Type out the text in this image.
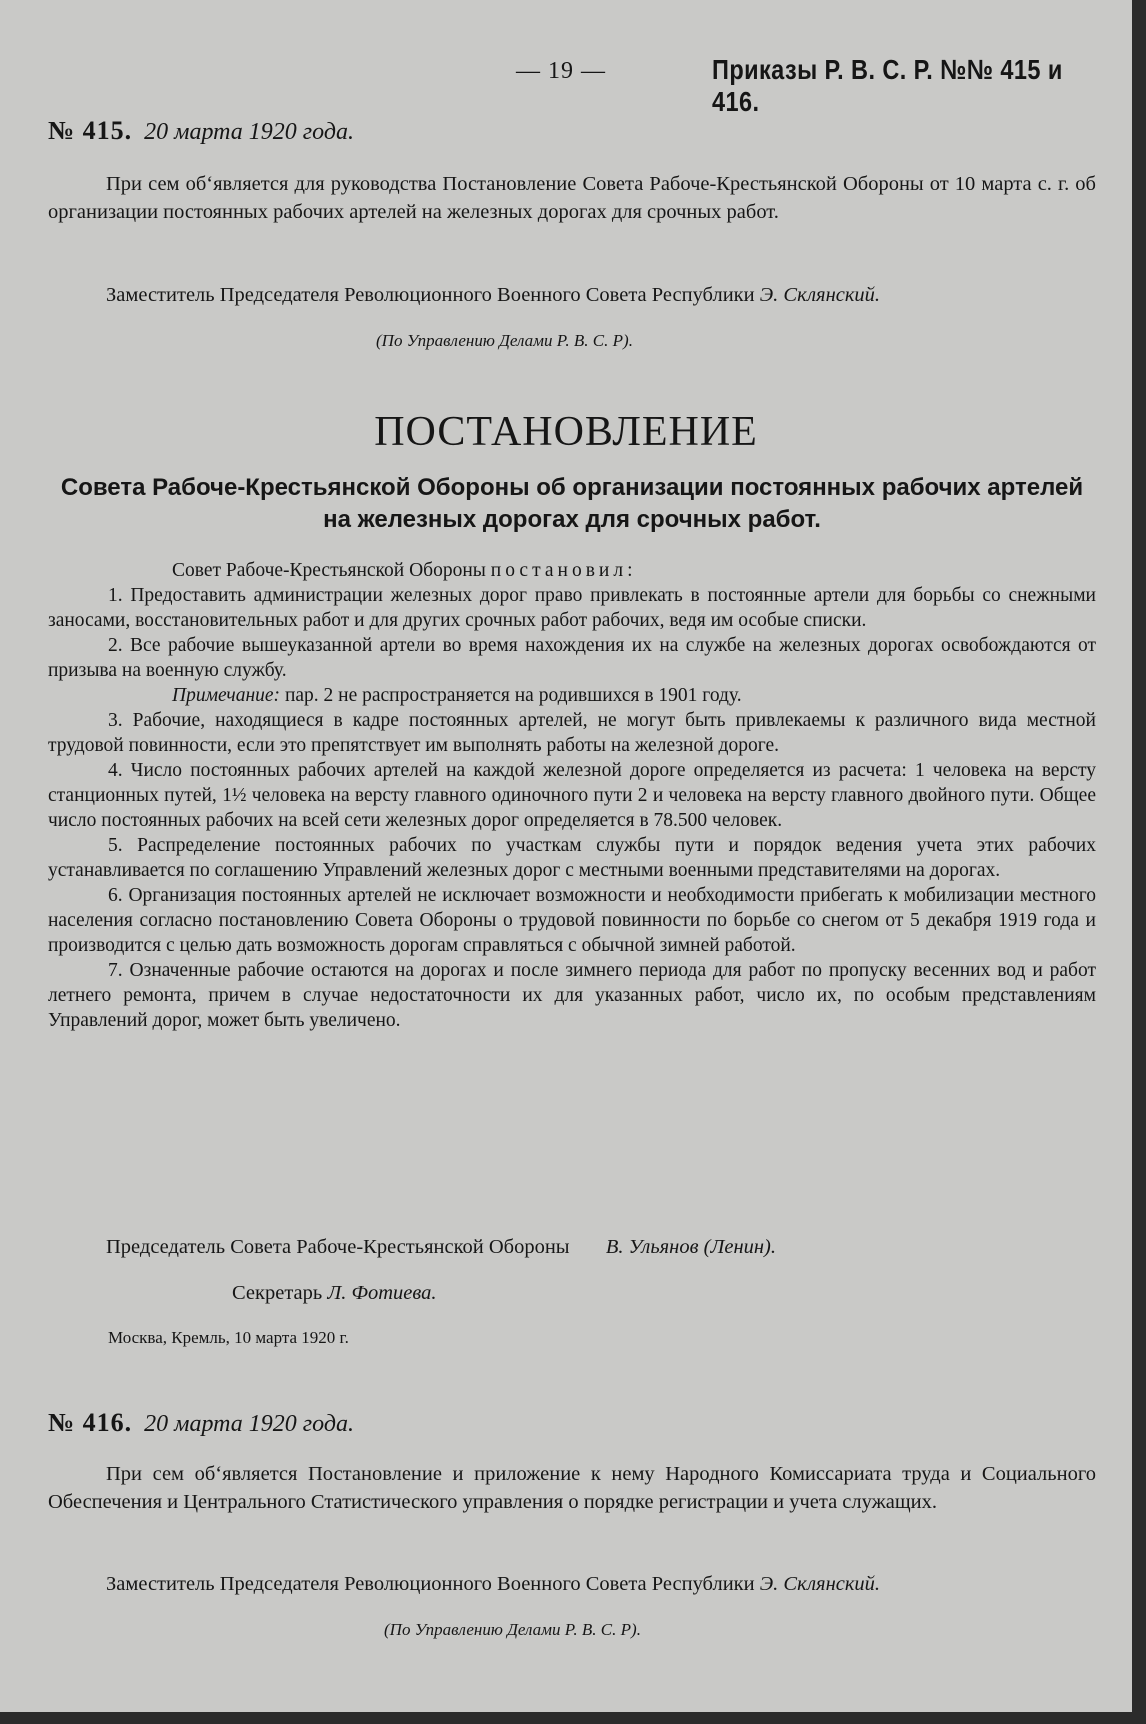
— 19 —	Приказы Р. В. С. Р. №№ 415 и 416.
№ 415. 20 марта 1920 года.

При сем об‘является для руководства Постановление Совета Рабоче-Крестьянской Обороны от 10 марта с. г. об организации постоянных рабочих артелей на железных дорогах для срочных работ.

Заместитель Председателя Революционного Военного Совета Республики Э. Склянский.
(По Управлению Делами Р. В. С. Р).
ПОСТАНОВЛЕНИЕ
Совета Рабоче-Крестьянской Обороны об организации постоянных рабочих артелей на железных дорогах для срочных работ.

Совет Рабоче-Крестьянской Обороны постановил:

1. Предоставить администрации железных дорог право привлекать в постоянные артели для борьбы со снежными заносами, восстановительных работ и для других срочных работ рабочих, ведя им особые списки.

2. Все рабочие вышеуказанной артели во время нахождения их на службе на железных дорогах освобождаются от призыва на военную службу.

Примечание: пар. 2 не распространяется на родившихся в 1901 году.

3. Рабочие, находящиеся в кадре постоянных артелей, не могут быть привлекаемы к различного вида местной трудовой повинности, если это препятствует им выполнять работы на железной дороге.

4. Число постоянных рабочих артелей на каждой железной дороге определяется из расчета: 1 человека на версту станционных путей, 1½ человека на версту главного одиночного пути 2 и человека на версту главного двойного пути. Общее число постоянных рабочих на всей сети железных дорог определяется в 78.500 человек.

5. Распределение постоянных рабочих по участкам службы пути и порядок ведения учета этих рабочих устанавливается по соглашению Управлений железных дорог с местными военными представителями на дорогах.

6. Организация постоянных артелей не исключает возможности и необходимости прибегать к мобилизации местного населения согласно постановлению Совета Обороны о трудовой повинности по борьбе со снегом от 5 декабря 1919 года и производится с целью дать возможность дорогам справляться с обычной зимней работой.

7. Означенные рабочие остаются на дорогах и после зимнего периода для работ по пропуску весенних вод и работ летнего ремонта, причем в случае недостаточности их для указанных работ, число их, по особым представлениям Управлений дорог, может быть увеличено.

Председатель Совета Рабоче-Крестьянской Обороны В. Ульянов (Ленин).
Секретарь Л. Фотиева.
Москва, Кремль, 10 марта 1920 г.
№ 416. 20 марта 1920 года.

При сем об‘является Постановление и приложение к нему Народного Комиссариата труда и Социального Обеспечения и Центрального Статистического управления о порядке регистрации и учета служащих.

Заместитель Председателя Революционного Военного Совета Республики Э. Склянский.
(По Управлению Делами Р. В. С. Р).
